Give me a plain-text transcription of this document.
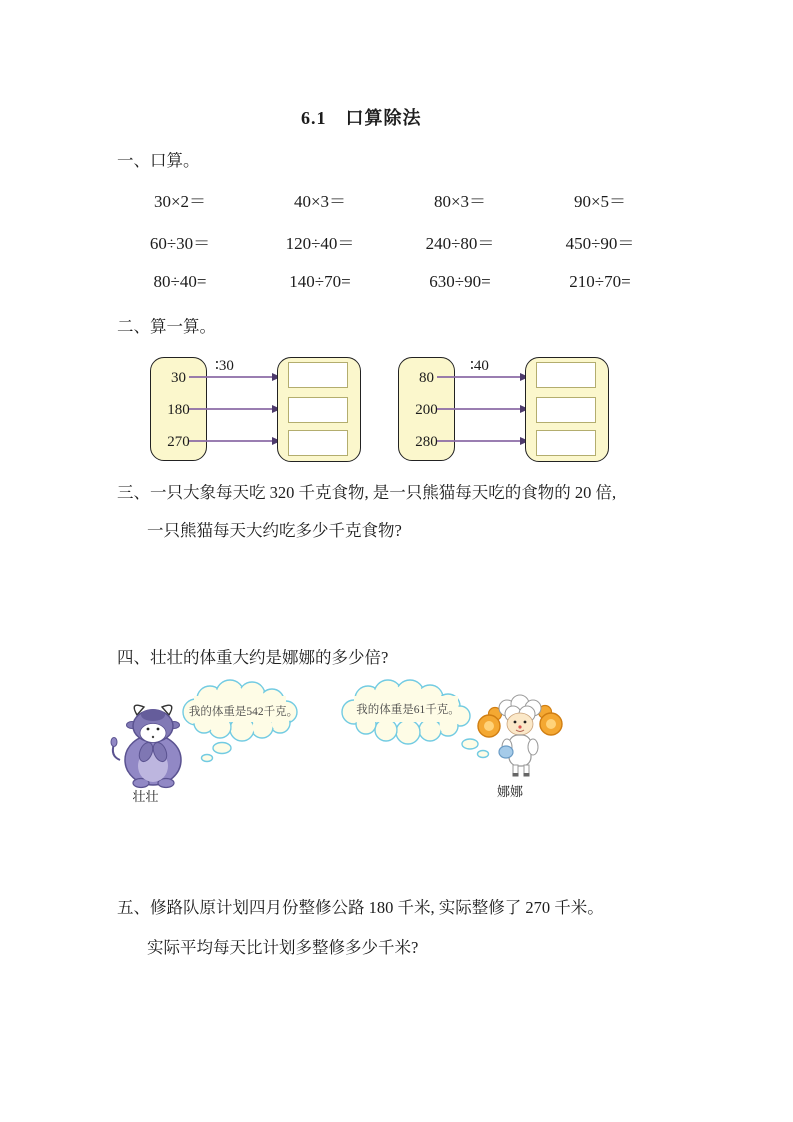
6.1　口算除法
一、口算。
30×2＝	40×3＝	80×3＝	90×5＝
60÷30＝	120÷40＝	240÷80＝	450÷90＝
80÷40=	140÷70=	630÷90=	210÷70=
二、算一算。
30
180
270
∶30
80
200
280
∶40
三、一只大象每天吃 320 千克食物, 是一只熊猫每天吃的食物的 20 倍,
一只熊猫每天大约吃多少千克食物?
四、壮壮的体重大约是娜娜的多少倍?
壮壮
我的体重是542千克。	我的体重是61千克。
娜娜
五、修路队原计划四月份整修公路 180 千米, 实际整修了 270 千米。
实际平均每天比计划多整修多少千米?
